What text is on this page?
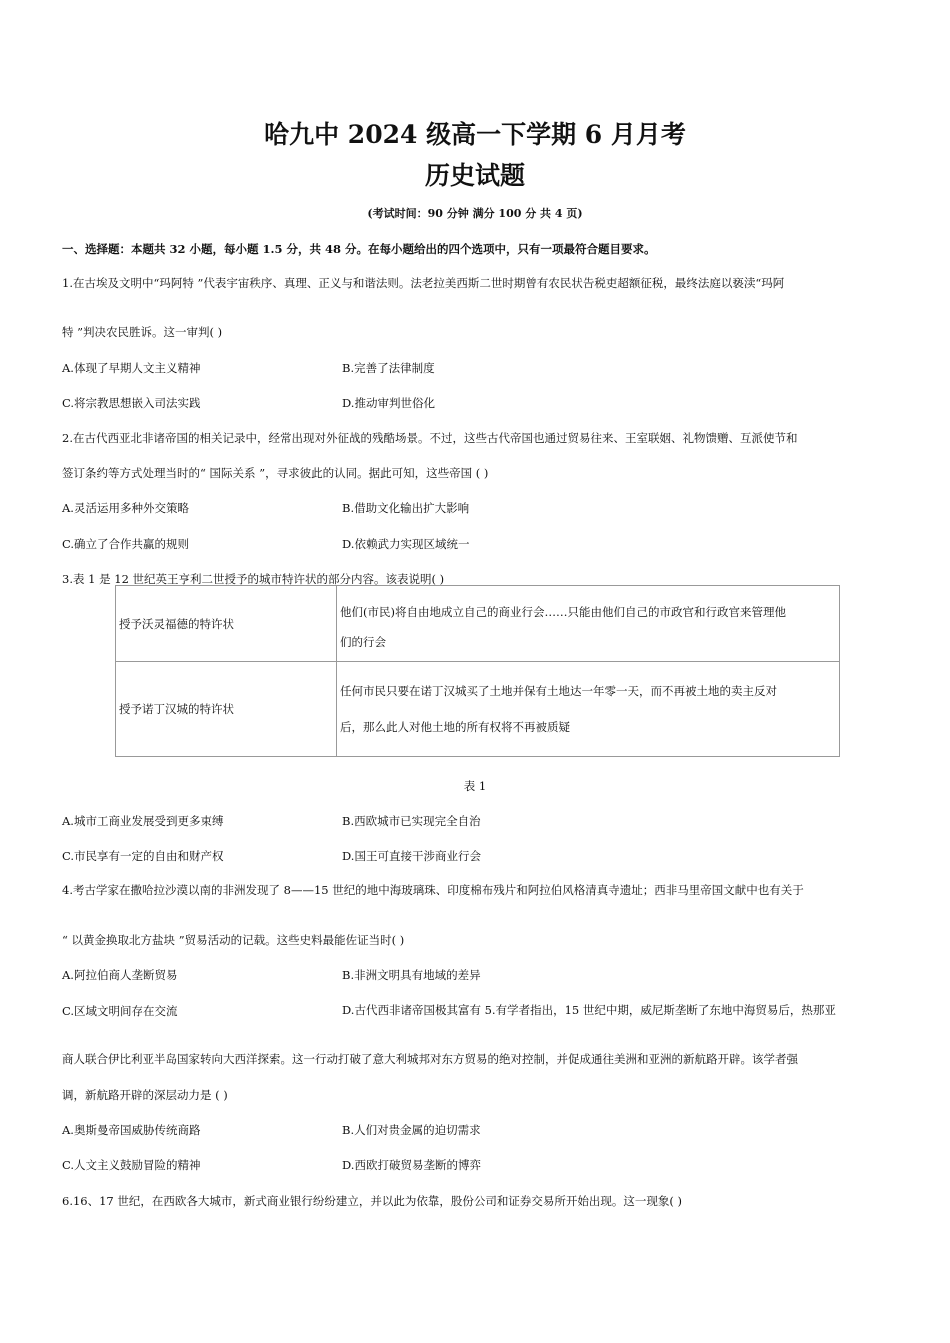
哈九中 2024 级高一下学期 6 月月考
历史试题
(考试时间：90 分钟 满分 100 分 共 4 页)
一、选择题：本题共 32 小题，每小题 1.5 分，共 48 分。在每小题给出的四个选项中，只有一项最符合题目要求。
1.在古埃及文明中“玛阿特 ”代表宇宙秩序、真理、正义与和谐法则。法老拉美西斯二世时期曾有农民状告税吏超额征税，最终法庭以亵渎“玛阿
特 ”判决农民胜诉。这一审判( )
A.体现了早期人文主义精神	B.完善了法律制度
C.将宗教思想嵌入司法实践	D.推动审判世俗化
2.在古代西亚北非诸帝国的相关记录中，经常出现对外征战的残酷场景。不过，这些古代帝国也通过贸易往来、王室联姻、礼物馈赠、互派使节和
签订条约等方式处理当时的“ 国际关系 ”，寻求彼此的认同。据此可知，这些帝国 ( )
A.灵活运用多种外交策略	B.借助文化输出扩大影响
C.确立了合作共赢的规则	D.依赖武力实现区域统一
3.表 1 是 12 世纪英王亨利二世授予的城市特许状的部分内容。该表说明( )
授予沃灵福德的特许状	他们(市民)将自由地成立自己的商业行会……只能由他们自己的市政官和行政官来管理他
们的行会

授予诺丁汉城的特许状	任何市民只要在诺丁汉城买了土地并保有土地达一年零一天，而不再被土地的卖主反对
后，那么此人对他土地的所有权将不再被质疑
表 1
A.城市工商业发展受到更多束缚	B.西欧城市已实现完全自治
C.市民享有一定的自由和财产权	D.国王可直接干涉商业行会
4.考古学家在撒哈拉沙漠以南的非洲发现了 8——15 世纪的地中海玻璃珠、印度棉布残片和阿拉伯风格清真寺遗址；西非马里帝国文献中也有关于
“ 以黄金换取北方盐块 ”贸易活动的记载。这些史料最能佐证当时( )
A.阿拉伯商人垄断贸易	B.非洲文明具有地域的差异
C.区域文明间存在交流	D.古代西非诸帝国极其富有 5.有学者指出，15 世纪中期，威尼斯垄断了东地中海贸易后，热那亚
商人联合伊比利亚半岛国家转向大西洋探索。这一行动打破了意大利城邦对东方贸易的绝对控制，并促成通往美洲和亚洲的新航路开辟。该学者强
调，新航路开辟的深层动力是 ( )
A.奥斯曼帝国威胁传统商路	B.人们对贵金属的迫切需求
C.人文主义鼓励冒险的精神	D.西欧打破贸易垄断的博弈
6.16、17 世纪，在西欧各大城市，新式商业银行纷纷建立，并以此为依靠，股份公司和证券交易所开始出现。这一现象( )
